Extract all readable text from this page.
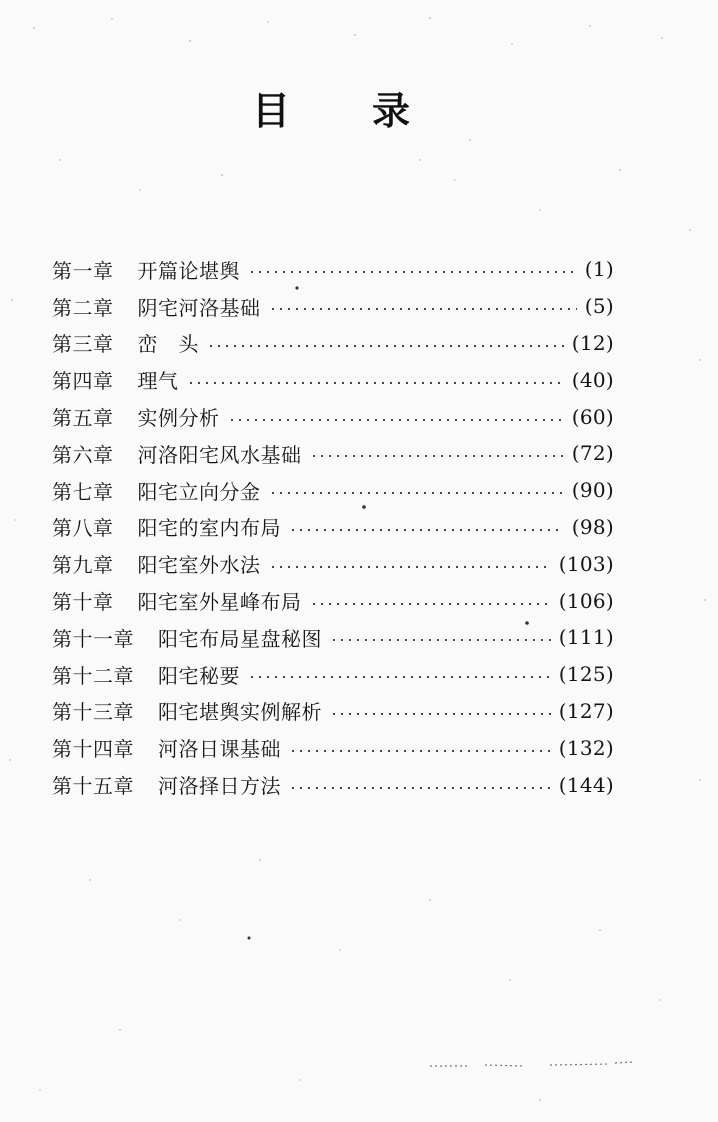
目 录
第一章 开篇论堪舆	(1)
第二章 阴宅河洛基础	(5)
第三章 峦　头	(12)
第四章 理气	(40)
第五章 实例分析	(60)
第六章 河洛阳宅风水基础	(72)
第七章 阳宅立向分金	(90)
第八章 阳宅的室内布局	(98)
第九章 阳宅室外水法	(103)
第十章 阳宅室外星峰布局	(106)
第十一章 阳宅布局星盘秘图	(111)
第十二章 阳宅秘要	(125)
第十三章 阳宅堪舆实例解析	(127)
第十四章 河洛日课基础	(132)
第十五章 河洛择日方法	(144)
